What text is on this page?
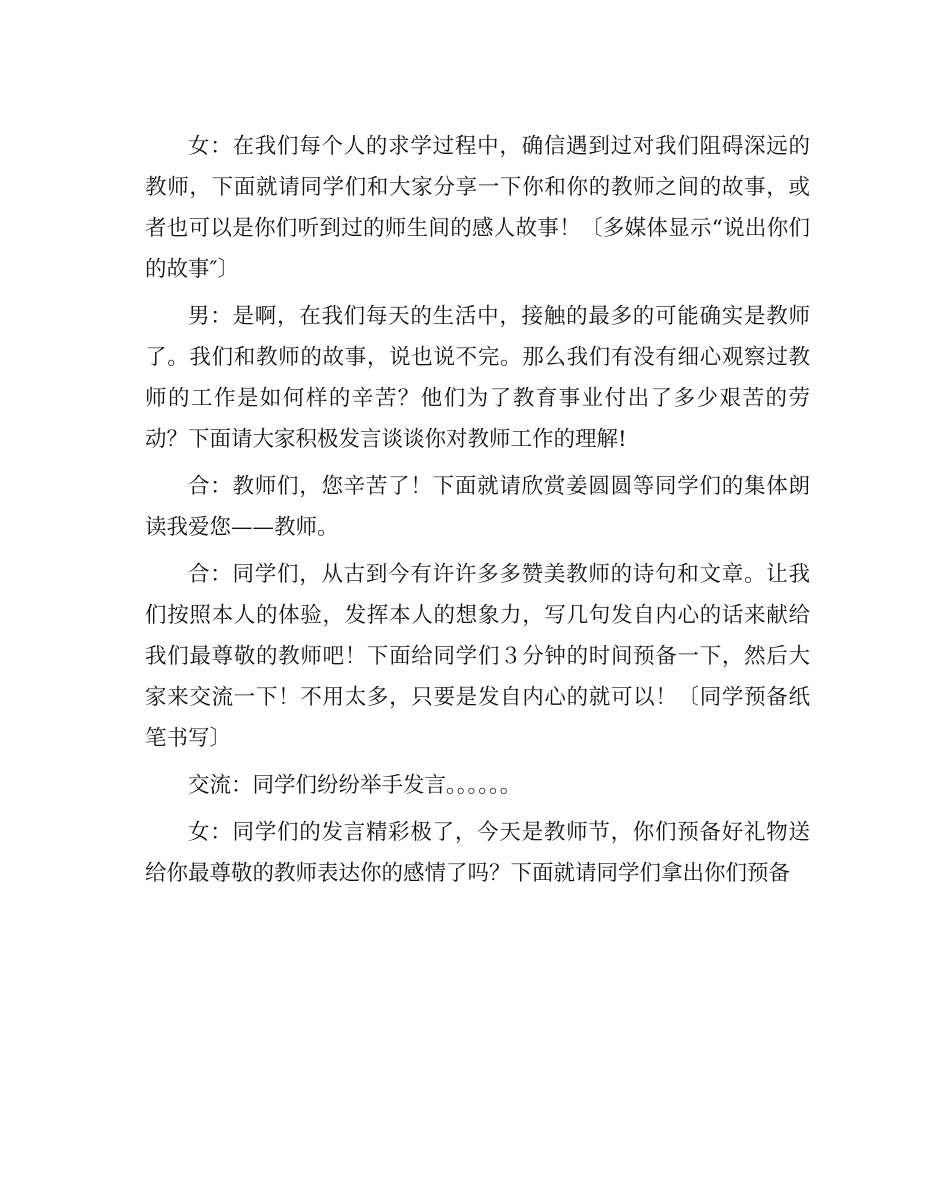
女：在我们每个人的求学过程中，确信遇到过对我们阻碍深远的教师，下面就请同学们和大家分享一下你和你的教师之间的故事，或者也可以是你们听到过的师生间的感人故事！〔多媒体显示“说出你们的故事″〕

男：是啊，在我们每天的生活中，接触的最多的可能确实是教师了。我们和教师的故事，说也说不完。那么我们有没有细心观察过教师的工作是如何样的辛苦？他们为了教育事业付出了多少艰苦的劳动？下面请大家积极发言谈谈你对教师工作的理解!

合：教师们，您辛苦了！下面就请欣赏姜圆圆等同学们的集体朗读我爱您——教师。

合：同学们，从古到今有许许多多赞美教师的诗句和文章。让我们按照本人的体验，发挥本人的想象力，写几句发自内心的话来献给我们最尊敬的教师吧！下面给同学们３分钟的时间预备一下，然后大家来交流一下！不用太多，只要是发自内心的就可以！〔同学预备纸笔书写〕

交流：同学们纷纷举手发言。。。。。。

女：同学们的发言精彩极了，今天是教师节，你们预备好礼物送给你最尊敬的教师表达你的感情了吗？下面就请同学们拿出你们预备
